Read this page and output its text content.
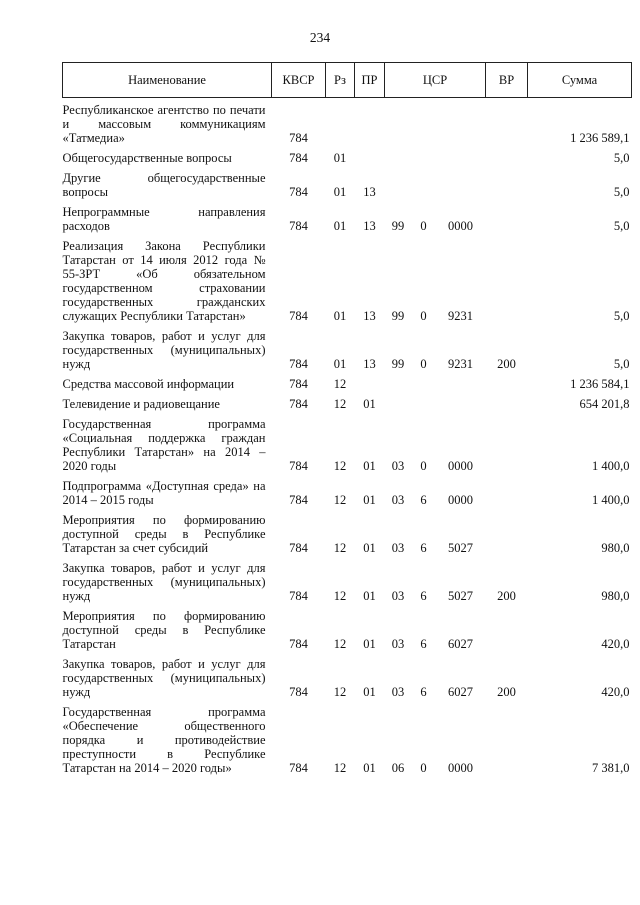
234
Наименование	КВСР	Рз	ПР	ЦСР			ВР	Сумма
Республиканское агентство по печати и массовым коммуникациям «Татмедиа»	784							1 236 589,1
Общегосударственные вопросы	784	01						5,0
Другие общегосударственные вопросы	784	01	13					5,0
Непрограммные направления расходов	784	01	13	99	0	0000		5,0
Реализация Закона Республики Татарстан от 14 июля 2012 года № 55-ЗРТ «Об обязательном государственном страховании государственных гражданских служащих Республики Татарстан»	784	01	13	99	0	9231		5,0
Закупка товаров, работ и услуг для государственных (муниципальных) нужд	784	01	13	99	0	9231	200	5,0
Средства массовой информации	784	12						1 236 584,1
Телевидение и радиовещание	784	12	01					654 201,8
Государственная программа «Социальная поддержка граждан Республики Татарстан» на 2014 – 2020 годы	784	12	01	03	0	0000		1 400,0
Подпрограмма «Доступная среда» на 2014 – 2015 годы	784	12	01	03	6	0000		1 400,0
Мероприятия по формированию доступной среды в Республике Татарстан за счет субсидий	784	12	01	03	6	5027		980,0
Закупка товаров, работ и услуг для государственных (муниципальных) нужд	784	12	01	03	6	5027	200	980,0
Мероприятия по формированию доступной среды в Республике Татарстан	784	12	01	03	6	6027		420,0
Закупка товаров, работ и услуг для государственных (муниципальных) нужд	784	12	01	03	6	6027	200	420,0
Государственная программа «Обеспечение общественного порядка и противодействие преступности в Республике Татарстан на 2014 – 2020 годы»	784	12	01	06	0	0000		7 381,0
